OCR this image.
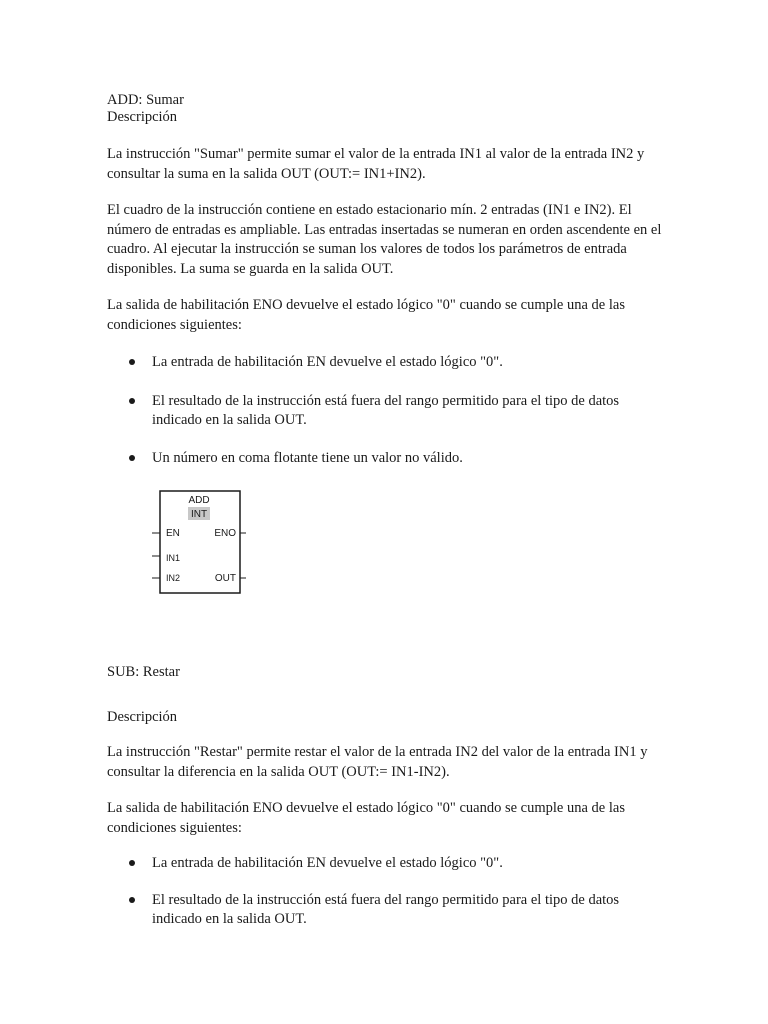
ADD: Sumar

Descripción

La instrucción "Sumar" permite sumar el valor de la entrada IN1 al valor de la entrada IN2 y consultar la suma en la salida OUT (OUT:= IN1+IN2).

El cuadro de la instrucción contiene en estado estacionario mín. 2 entradas (IN1 e IN2). El número de entradas es ampliable. Las entradas insertadas se numeran en orden ascendente en el cuadro. Al ejecutar la instrucción se suman los valores de todos los parámetros de entrada disponibles. La suma se guarda en la salida OUT.

La salida de habilitación ENO devuelve el estado lógico "0" cuando se cumple una de las condiciones siguientes:

La entrada de habilitación EN devuelve el estado lógico "0".
El resultado de la instrucción está fuera del rango permitido para el tipo de datos indicado en la salida OUT.
Un número en coma flotante tiene un valor no válido.
ADD
INT
EN	ENO
IN1
IN2	OUT

SUB: Restar

Descripción

La instrucción "Restar" permite restar el valor de la entrada IN2 del valor de la entrada IN1 y consultar la diferencia en la salida OUT (OUT:= IN1-IN2).

La salida de habilitación ENO devuelve el estado lógico "0" cuando se cumple una de las condiciones siguientes:

La entrada de habilitación EN devuelve el estado lógico "0".
El resultado de la instrucción está fuera del rango permitido para el tipo de datos indicado en la salida OUT.
